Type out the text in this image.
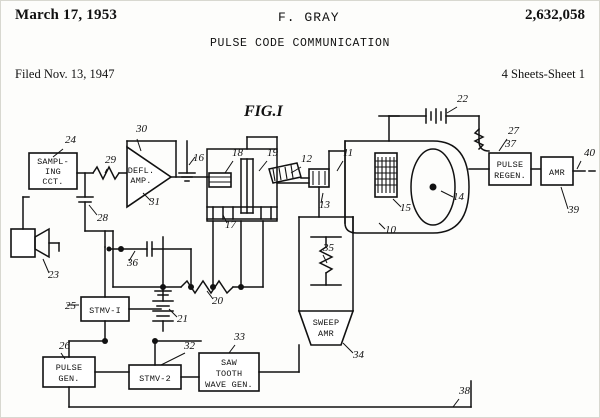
March 17, 1953	F. GRAY	2,632,058
PULSE CODE COMMUNICATION
Filed Nov. 13, 1947	4 Sheets-Sheet 1
FIG.I
SAMPL-
ING
CCT.
DEFL.
AMP.
SWEEP
AMR
PULSE
REGEN.	AMR
STMV-I
STMV-2
PULSE
GEN.
SAW
TOOTH
WAVE GEN.
10
11
12
13
14
15
16
17
18 19
20
21
22
23
24
25
26
27
28
29
30
31
32
33
34
35
36
37
38
39
40
